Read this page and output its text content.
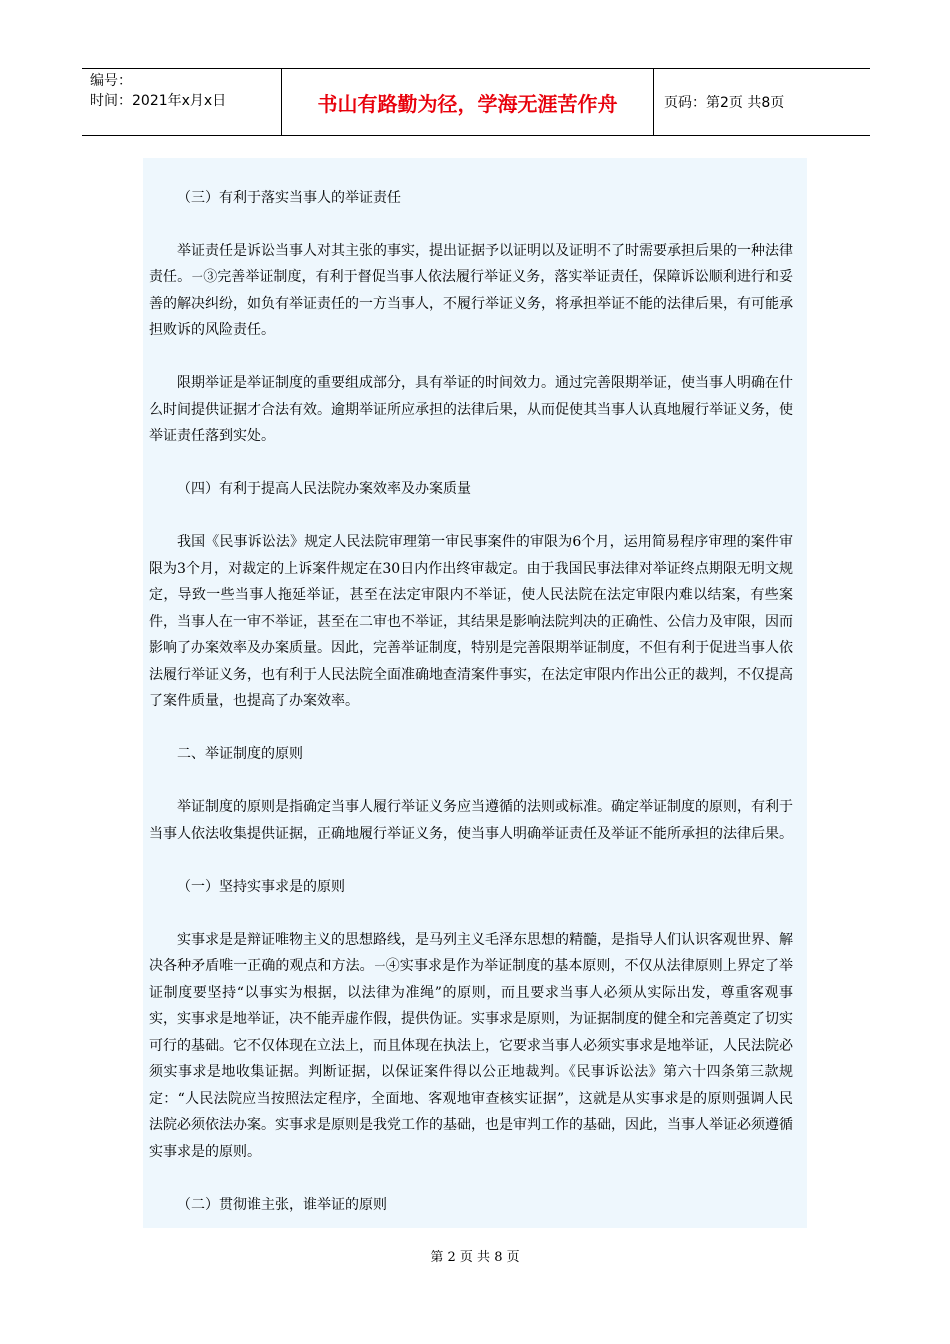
编号：
时间：2021年x月x日	书山有路勤为径，学海无涯苦作舟	页码：第2页 共8页

（三）有利于落实当事人的举证责任

举证责任是诉讼当事人对其主张的事实，提出证据予以证明以及证明不了时需要承担后果的一种法律责任。㇐③完善举证制度，有利于督促当事人依法履行举证义务，落实举证责任，保障诉讼顺利进行和妥善的解决纠纷，如负有举证责任的一方当事人，不履行举证义务，将承担举证不能的法律后果，有可能承担败诉的风险责任。

限期举证是举证制度的重要组成部分，具有举证的时间效力。通过完善限期举证，使当事人明确在什么时间提供证据才合法有效。逾期举证所应承担的法律后果，从而促使其当事人认真地履行举证义务，使举证责任落到实处。

（四）有利于提高人民法院办案效率及办案质量

我国《民事诉讼法》规定人民法院审理第一审民事案件的审限为6个月，运用简易程序审理的案件审限为3个月，对裁定的上诉案件规定在30日内作出终审裁定。由于我国民事法律对举证终点期限无明文规定，导致一些当事人拖延举证，甚至在法定审限内不举证，使人民法院在法定审限内难以结案，有些案件，当事人在一审不举证，甚至在二审也不举证，其结果是影响法院判决的正确性、公信力及审限，因而影响了办案效率及办案质量。因此，完善举证制度，特别是完善限期举证制度，不但有利于促进当事人依法履行举证义务，也有利于人民法院全面准确地查清案件事实，在法定审限内作出公正的裁判，不仅提高了案件质量，也提高了办案效率。

二、举证制度的原则

举证制度的原则是指确定当事人履行举证义务应当遵循的法则或标准。确定举证制度的原则，有利于当事人依法收集提供证据，正确地履行举证义务，使当事人明确举证责任及举证不能所承担的法律后果。

（一）坚持实事求是的原则

实事求是是辩证唯物主义的思想路线，是马列主义毛泽东思想的精髓，是指导人们认识客观世界、解决各种矛盾唯一正确的观点和方法。㇐④实事求是作为举证制度的基本原则，不仅从法律原则上界定了举证制度要坚持“以事实为根据，以法律为准绳”的原则，而且要求当事人必须从实际出发，尊重客观事实，实事求是地举证，决不能弄虚作假，提供伪证。实事求是原则，为证据制度的健全和完善奠定了切实可行的基础。它不仅体现在立法上，而且体现在执法上，它要求当事人必须实事求是地举证，人民法院必须实事求是地收集证据。判断证据，以保证案件得以公正地裁判。《民事诉讼法》第六十四条第三款规定：“人民法院应当按照法定程序，全面地、客观地审查核实证据”，这就是从实事求是的原则强调人民法院必须依法办案。实事求是原则是我党工作的基础，也是审判工作的基础，因此，当事人举证必须遵循实事求是的原则。

（二）贯彻谁主张，谁举证的原则

第 2 页 共 8 页
